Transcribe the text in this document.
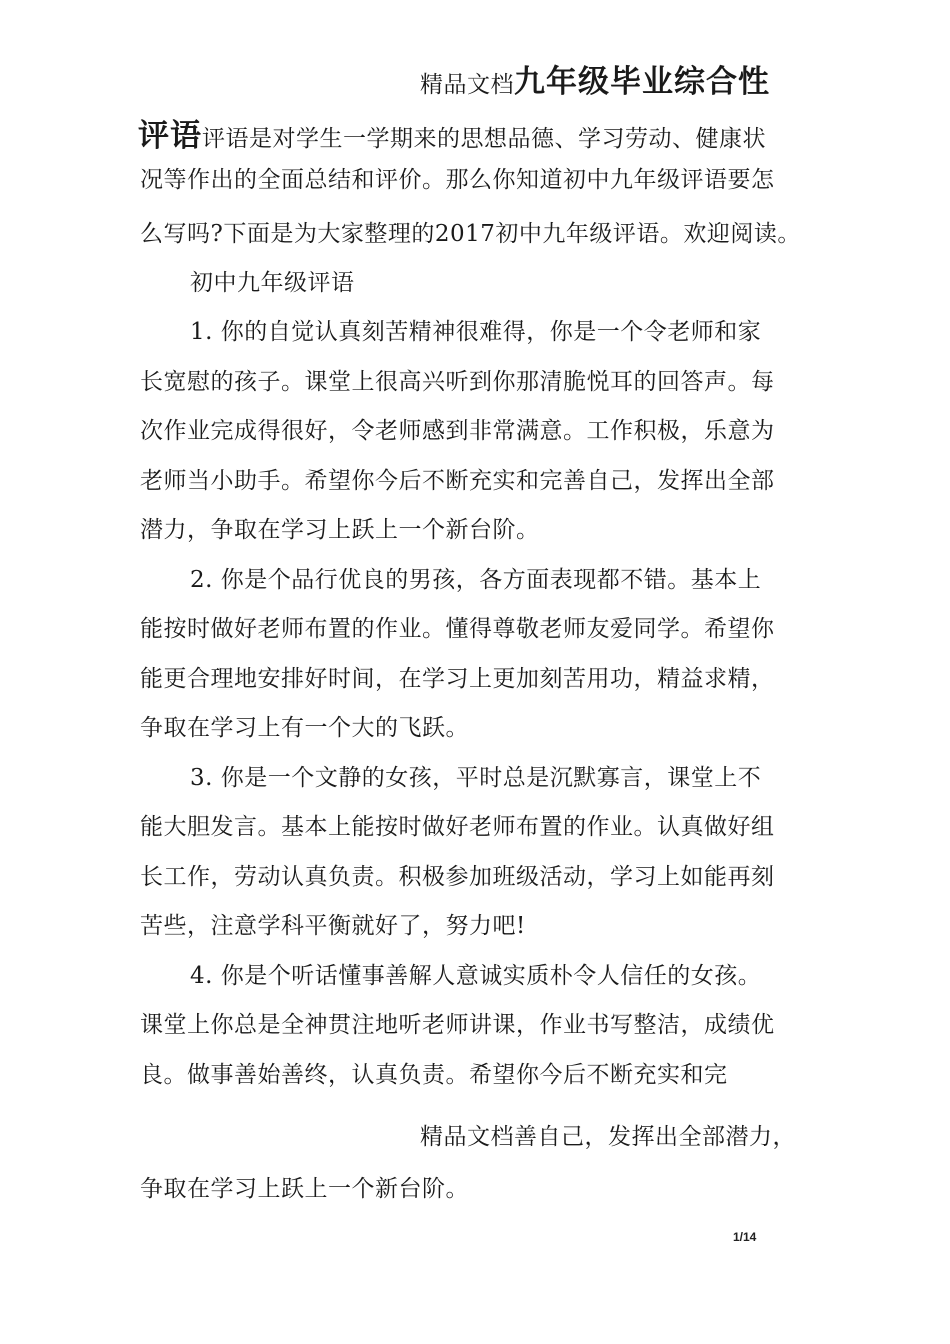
精品文档九年级毕业综合性
评语评语是对学生一学期来的思想品德、学习劳动、健康状
况等作出的全面总结和评价。那么你知道初中九年级评语要怎
么写吗?下面是为大家整理的2017初中九年级评语。欢迎阅读。
初中九年级评语
1. 你的自觉认真刻苦精神很难得，你是一个令老师和家
长宽慰的孩子。课堂上很高兴听到你那清脆悦耳的回答声。每
次作业完成得很好，令老师感到非常满意。工作积极，乐意为
老师当小助手。希望你今后不断充实和完善自己，发挥出全部
潜力，争取在学习上跃上一个新台阶。
2. 你是个品行优良的男孩，各方面表现都不错。基本上
能按时做好老师布置的作业。懂得尊敬老师友爱同学。希望你
能更合理地安排好时间，在学习上更加刻苦用功，精益求精，
争取在学习上有一个大的飞跃。
3. 你是一个文静的女孩，平时总是沉默寡言，课堂上不
能大胆发言。基本上能按时做好老师布置的作业。认真做好组
长工作，劳动认真负责。积极参加班级活动，学习上如能再刻
苦些，注意学科平衡就好了，努力吧!
4. 你是个听话懂事善解人意诚实质朴令人信任的女孩。
课堂上你总是全神贯注地听老师讲课，作业书写整洁，成绩优
良。做事善始善终，认真负责。希望你今后不断充实和完
精品文档善自己，发挥出全部潜力，
争取在学习上跃上一个新台阶。
1/14
